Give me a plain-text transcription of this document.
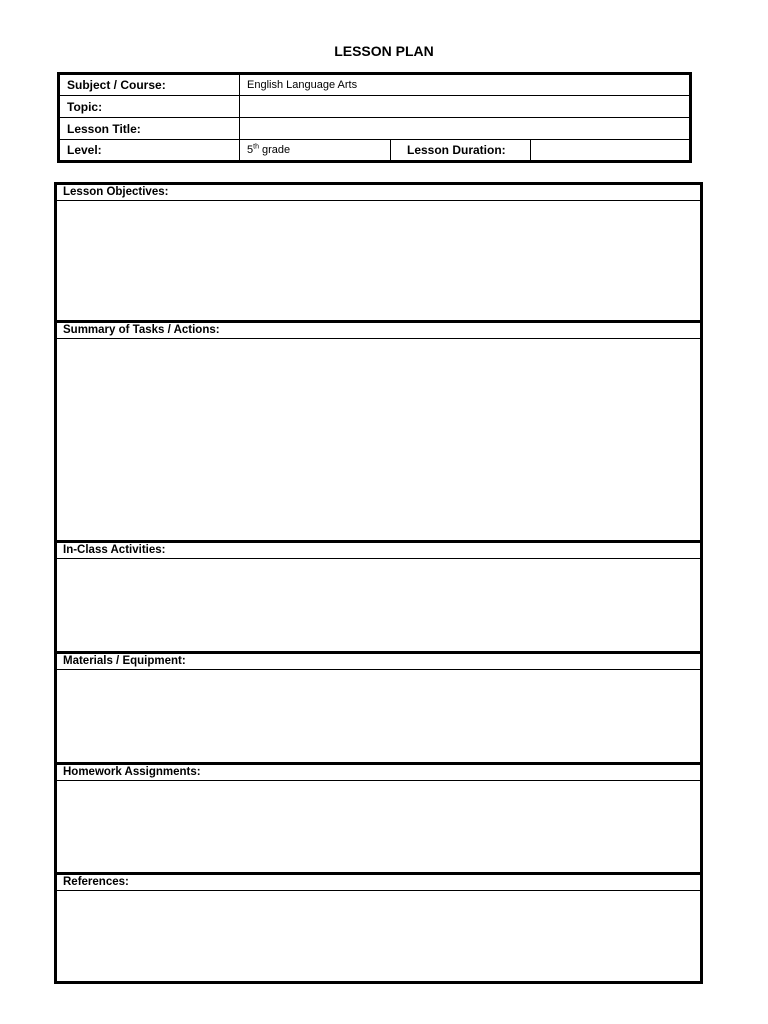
LESSON PLAN
Subject / Course:	English Language Arts		
Topic:			
Lesson Title:			
Level:	5th grade	Lesson Duration:	
Lesson Objectives:
Summary of Tasks / Actions:
In-Class Activities:
Materials / Equipment:
Homework Assignments:
References:
